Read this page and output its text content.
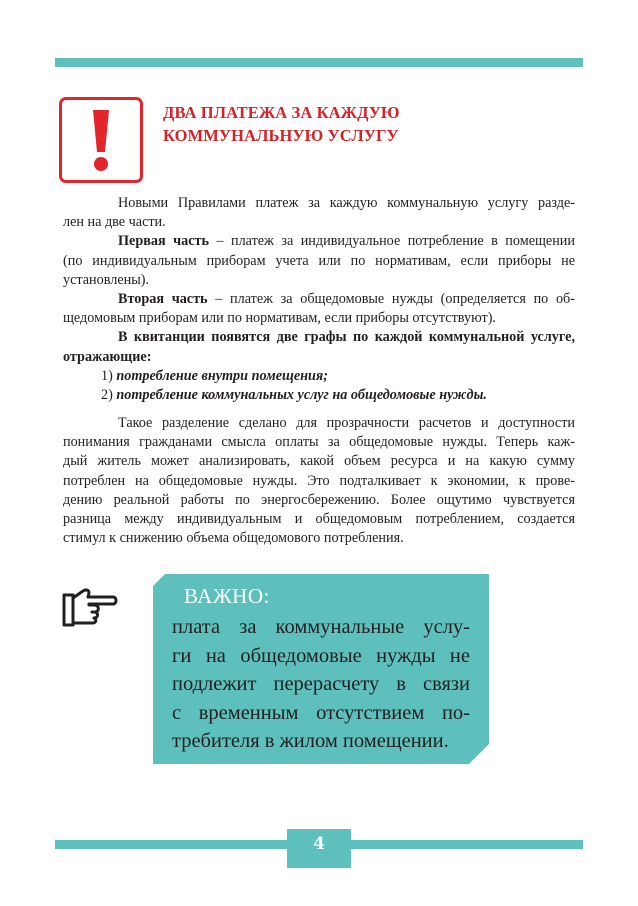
ДВА ПЛАТЕЖА ЗА КАЖДУЮ
КОММУНАЛЬНУЮ УСЛУГУ
Новыми Правилами платеж за каждую коммунальную услугу разде-
лен на две части.
Первая часть – платеж за индивидуальное потребление в помещении
(по индивидуальным приборам учета или по нормативам, если приборы не
установлены).
Вторая часть – платеж за общедомовые нужды (определяется по об-
щедомовым приборам или по нормативам, если приборы отсутствуют).
В квитанции появятся две графы по каждой коммунальной услуге,
отражающие:
1) потребление внутри помещения;
2) потребление коммунальных услуг на общедомовые нужды.
Такое разделение сделано для прозрачности расчетов и доступности
понимания гражданами смысла оплаты за общедомовые нужды. Теперь каж-
дый житель может анализировать, какой объем ресурса и на какую сумму
потреблен на общедомовые нужды. Это подталкивает к экономии, к прове-
дению реальной работы по энергосбережению. Более ощутимо чувствуется
разница между индивидуальным и общедомовым потреблением, создается
стимул к снижению объема общедомового потребления.
ВАЖНО:
плата за коммунальные услу-
ги на общедомовые нужды не
подлежит перерасчету в связи
с временным отсутствием по-
требителя в жилом помещении.
4
